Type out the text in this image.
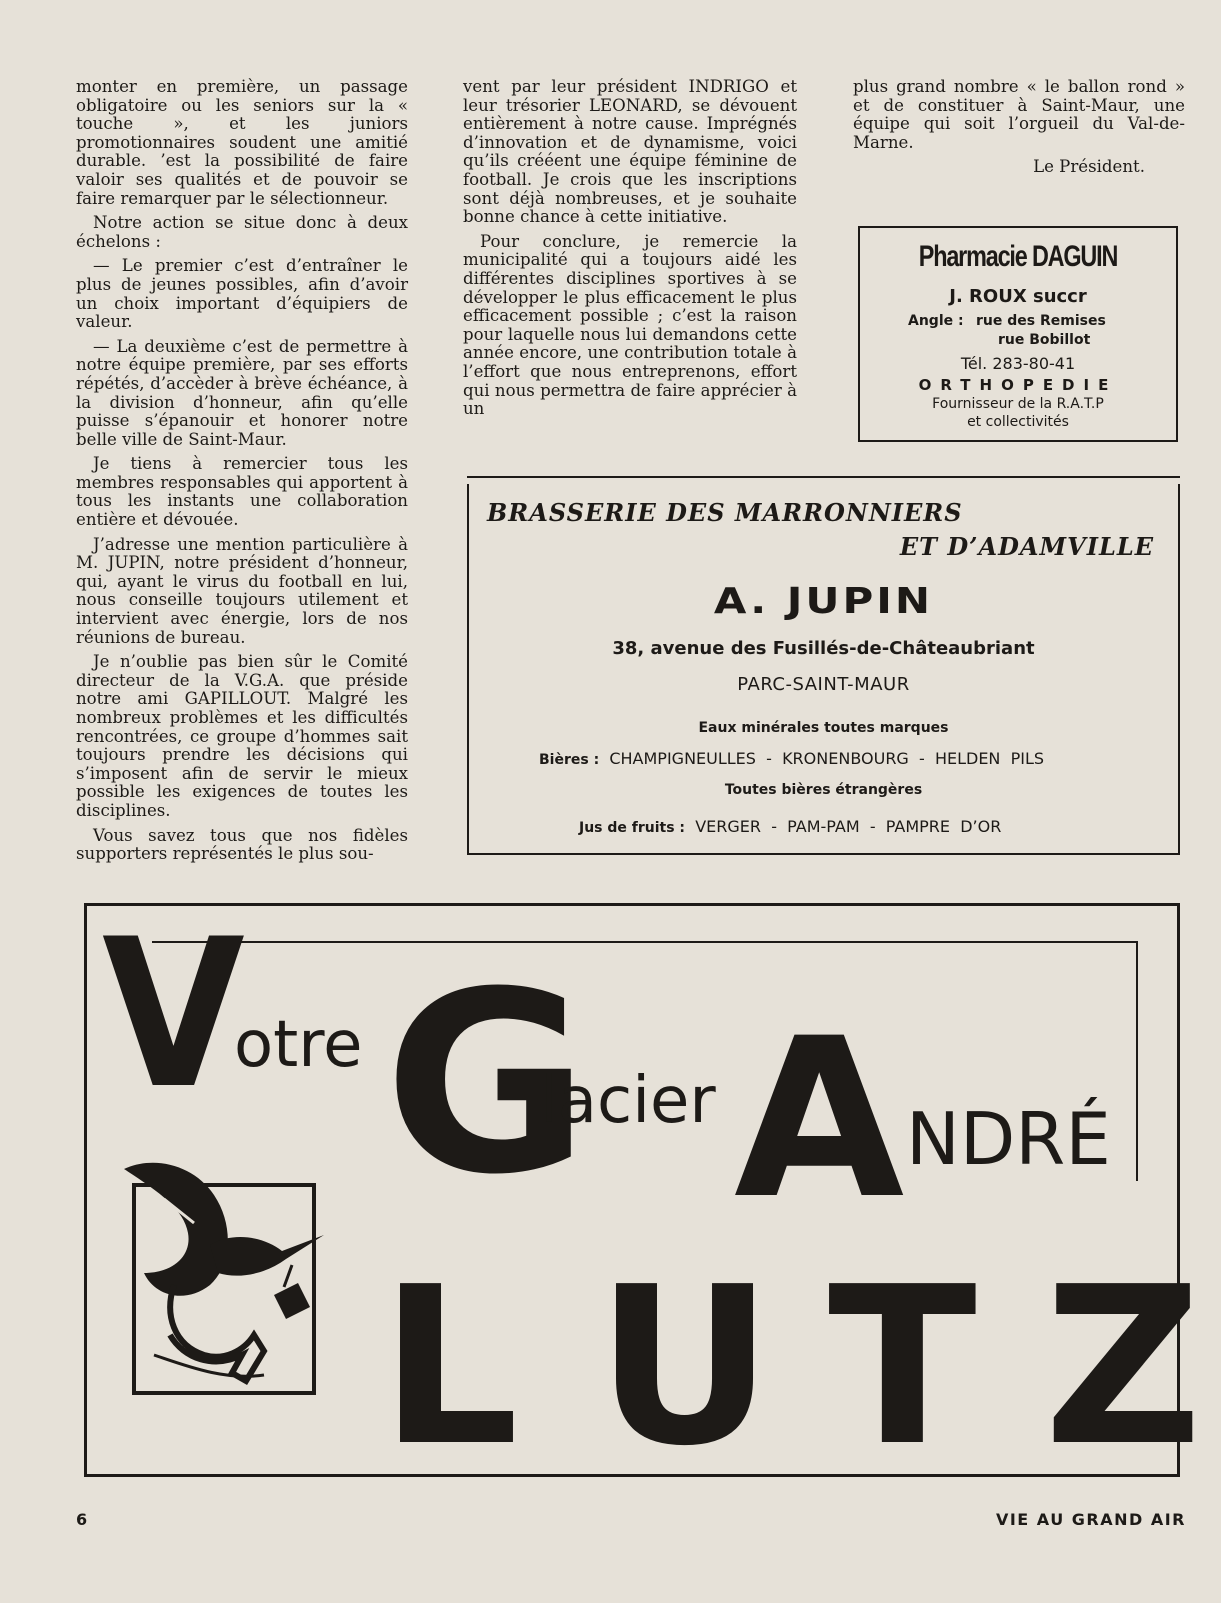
monter en première, un passage obligatoire ou les seniors sur la « touche », et les juniors promotionnaires soudent une amitié durable. ’est la possibilité de faire valoir ses qualités et de pouvoir se faire remarquer par le sélectionneur.

Notre action se situe donc à deux échelons :

— Le premier c’est d’entraîner le plus de jeunes possibles, afin d’avoir un choix important d’équipiers de valeur.

— La deuxième c’est de permettre à notre équipe première, par ses efforts répétés, d’accèder à brève échéance, à la division d’honneur, afin qu’elle puisse s’épanouir et honorer notre belle ville de Saint-Maur.

Je tiens à remercier tous les membres responsables qui apportent à tous les instants une collaboration entière et dévouée.

J’adresse une mention particulière à M. JUPIN, notre président d’honneur, qui, ayant le virus du football en lui, nous conseille toujours utilement et intervient avec énergie, lors de nos réunions de bureau.

Je n’oublie pas bien sûr le Comité directeur de la V.G.A. que préside notre ami GAPILLOUT. Malgré les nombreux problèmes et les difficultés rencontrées, ce groupe d’hommes sait toujours prendre les décisions qui s’imposent afin de servir le mieux possible les exigences de toutes les disciplines.

Vous savez tous que nos fidèles supporters représentés le plus sou-

vent par leur président INDRIGO et leur trésorier LEONARD, se dévouent entièrement à notre cause. Imprégnés d’innovation et de dynamisme, voici qu’ils crééent une équipe féminine de football. Je crois que les inscriptions sont déjà nombreuses, et je souhaite bonne chance à cette initiative.

Pour conclure, je remercie la municipalité qui a toujours aidé les différentes disciplines sportives à se développer le plus efficacement le plus efficacement possible ; c’est la raison pour laquelle nous lui demandons cette année encore, une contribution totale à l’effort que nous entreprenons, effort qui nous permettra de faire apprécier à un

plus grand nombre « le ballon rond » et de constituer à Saint-Maur, une équipe qui soit l’orgueil du Val-de-Marne.

Le Président.

Pharmacie DAGUIN
J. ROUX succr
Angle : rue des Remises
rue Bobillot
Tél. 283-80-41
ORTHOPEDIE
Fournisseur de la R.A.T.P
et collectivités
BRASSERIE DES MARRONNIERS
ET D’ADAMVILLE
A. JUPIN
38, avenue des Fusillés-de-Châteaubriant
PARC-SAINT-MAUR
Eaux minérales toutes marques
Bières : CHAMPIGNEULLES  -  KRONENBOURG  -  HELDEN  PILS
Toutes bières étrangères
Jus de fruits : VERGER  -  PAM-PAM  -  PAMPRE  D’OR
V
otre G
lacier A NDRÉ
L U T Z
6	VIE AU GRAND AIR
